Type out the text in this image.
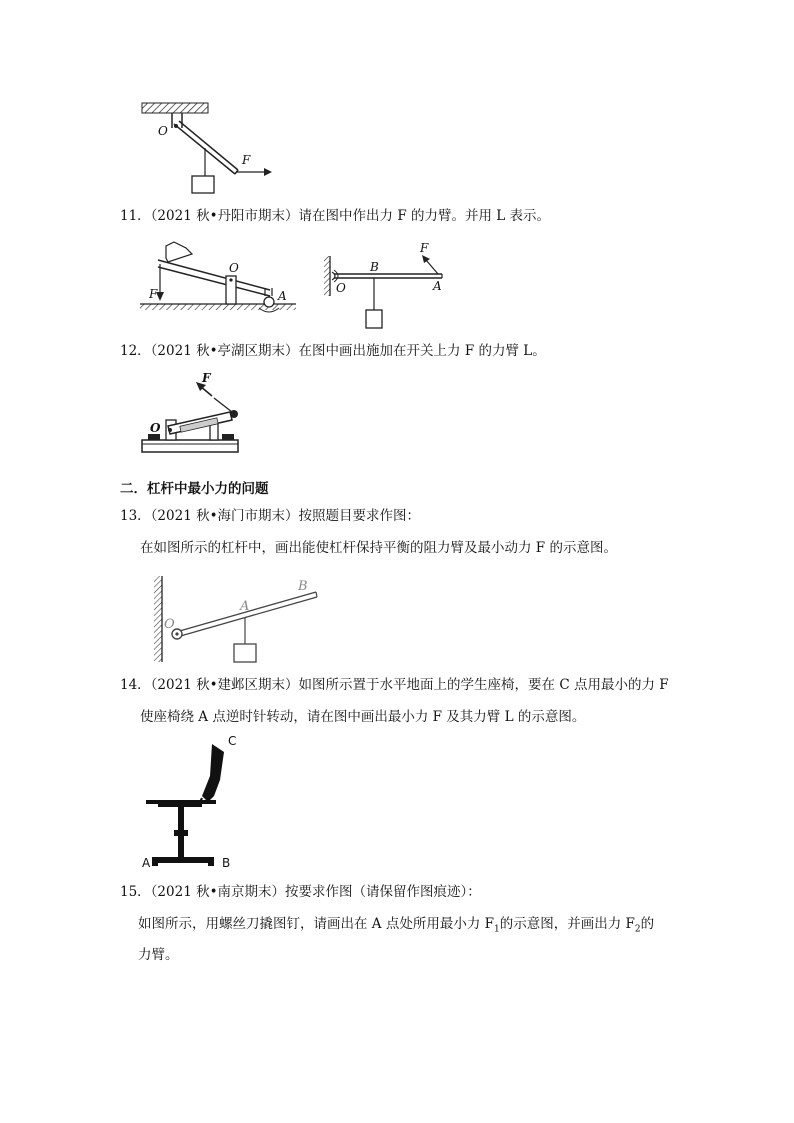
O
F
11．（2021 秋•丹阳市期末）请在图中作出力 F 的力臂。并用 L 表示。
F
O
A
F
B
O	A
12．（2021 秋•亭湖区期末）在图中画出施加在开关上力 F 的力臂 L。
F
O
二．杠杆中最小力的问题
13．（2021 秋•海门市期末）按照题目要求作图：
在如图所示的杠杆中，画出能使杠杆保持平衡的阻力臂及最小动力 F 的示意图。
O
A
B
14．（2021 秋•建邺区期末）如图所示置于水平地面上的学生座椅，要在 C 点用最小的力 F
使座椅绕 A 点逆时针转动，请在图中画出最小力 F 及其力臂 L 的示意图。
C
A	B
15．（2021 秋•南京期末）按要求作图（请保留作图痕迹）：
如图所示，用螺丝刀撬图钉，请画出在 A 点处所用最小力 $F_1$的示意图，并画出力 $F_2$的
力臂。
